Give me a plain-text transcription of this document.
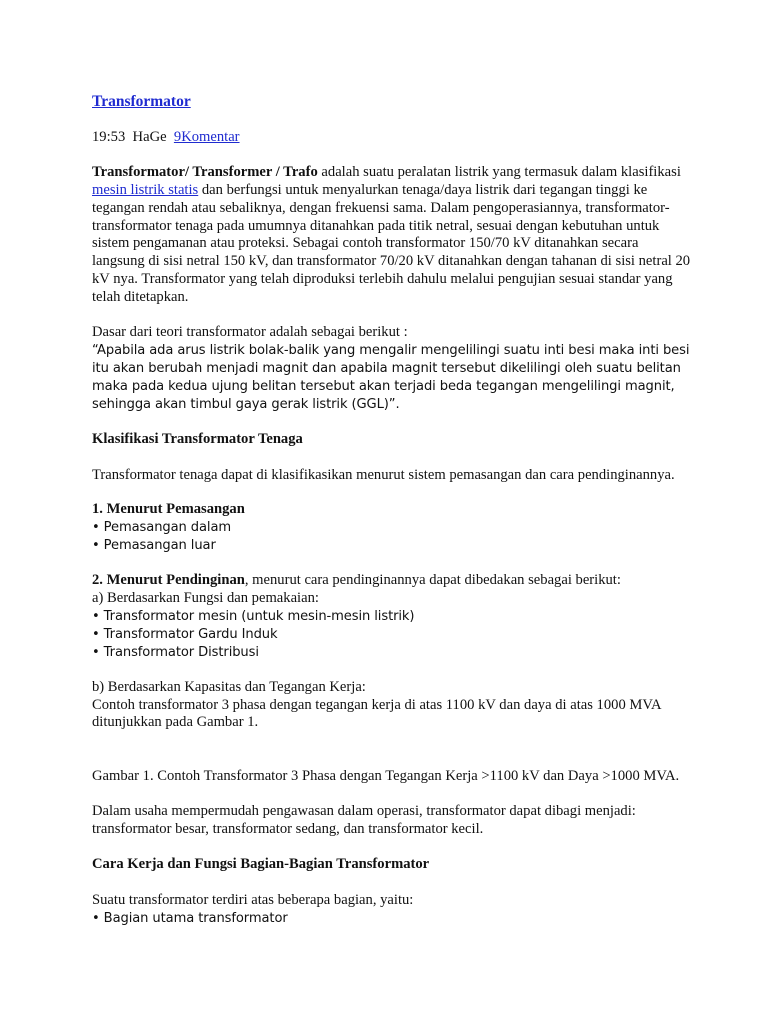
Transformator

19:53 HaGe 9Komentar

Transformator/ Transformer / Trafo adalah suatu peralatan listrik yang termasuk dalam klasifikasi mesin listrik statis dan berfungsi untuk menyalurkan tenaga/daya listrik dari tegangan tinggi ke tegangan rendah atau sebaliknya, dengan frekuensi sama. Dalam pengoperasiannya, transformator-transformator tenaga pada umumnya ditanahkan pada titik netral, sesuai dengan kebutuhan untuk sistem pengamanan atau proteksi. Sebagai contoh transformator 150/70 kV ditanahkan secara langsung di sisi netral 150 kV, dan transformator 70/20 kV ditanahkan dengan tahanan di sisi netral 20 kV nya. Transformator yang telah diproduksi terlebih dahulu melalui pengujian sesuai standar yang telah ditetapkan.

Dasar dari teori transformator adalah sebagai berikut :

“Apabila ada arus listrik bolak-balik yang mengalir mengelilingi suatu inti besi maka inti besi itu akan berubah menjadi magnit dan apabila magnit tersebut dikelilingi oleh suatu belitan maka pada kedua ujung belitan tersebut akan terjadi beda tegangan mengelilingi magnit, sehingga akan timbul gaya gerak listrik (GGL)”.

Klasifikasi Transformator Tenaga

Transformator tenaga dapat di klasifikasikan menurut sistem pemasangan dan cara pendinginannya.

1. Menurut Pemasangan

• Pemasangan dalam

• Pemasangan luar

2. Menurut Pendinginan, menurut cara pendinginannya dapat dibedakan sebagai berikut:

a) Berdasarkan Fungsi dan pemakaian:

• Transformator mesin (untuk mesin-mesin listrik)

• Transformator Gardu Induk

• Transformator Distribusi

b) Berdasarkan Kapasitas dan Tegangan Kerja:

Contoh transformator 3 phasa dengan tegangan kerja di atas 1100 kV dan daya di atas 1000 MVA ditunjukkan pada Gambar 1.

Gambar 1. Contoh Transformator 3 Phasa dengan Tegangan Kerja >1100 kV dan Daya >1000 MVA.

Dalam usaha mempermudah pengawasan dalam operasi, transformator dapat dibagi menjadi: transformator besar, transformator sedang, dan transformator kecil.

Cara Kerja dan Fungsi Bagian-Bagian Transformator

Suatu transformator terdiri atas beberapa bagian, yaitu:

• Bagian utama transformator
